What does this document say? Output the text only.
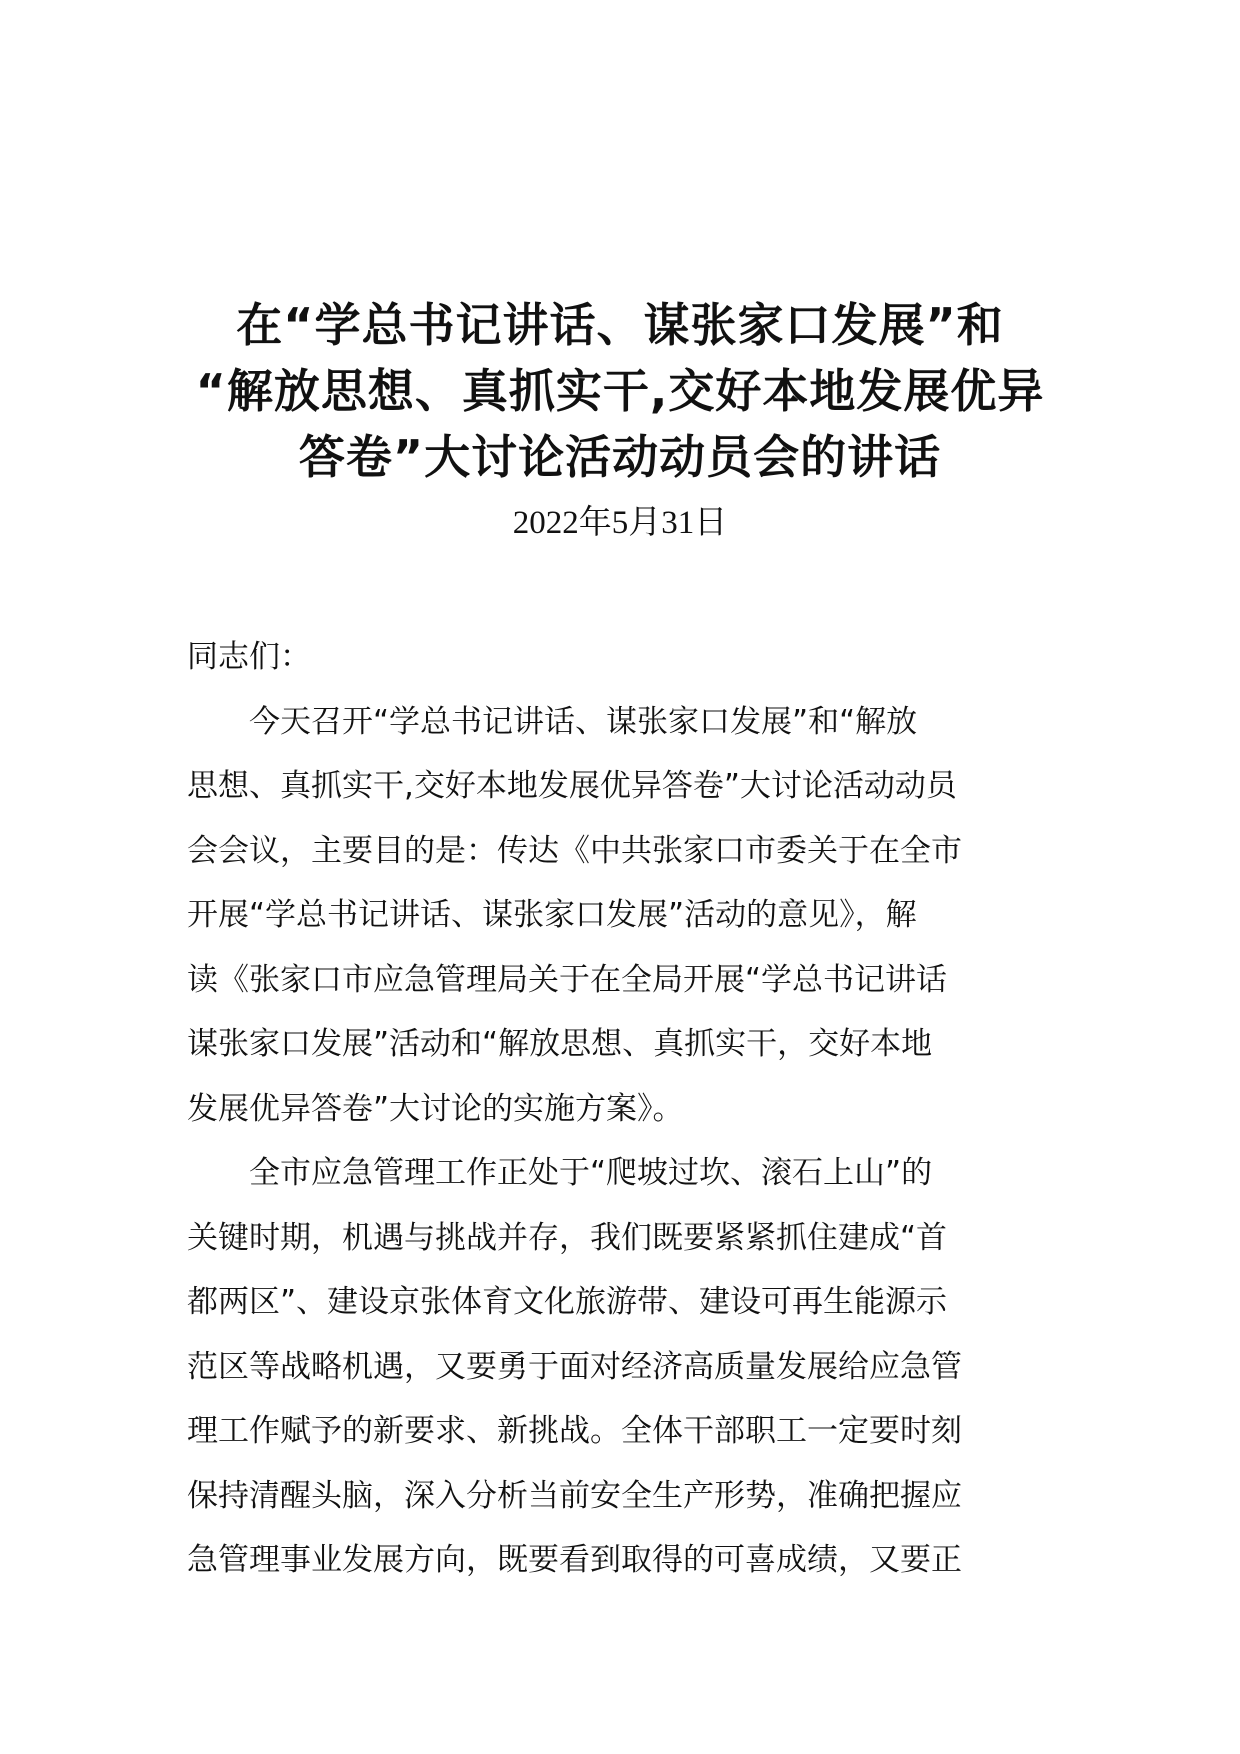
在“学总书记讲话、谋张家口发展”和
“解放思想、真抓实干,交好本地发展优异
答卷”大讨论活动动员会的讲话
2022年5月31日
同志们：
今天召开“学总书记讲话、谋张家口发展”和“解放
思想、真抓实干,交好本地发展优异答卷”大讨论活动动员
会会议，主要目的是：传达《中共张家口市委关于在全市
开展“学总书记讲话、谋张家口发展”活动的意见》，解
读《张家口市应急管理局关于在全局开展“学总书记讲话
谋张家口发展”活动和“解放思想、真抓实干，交好本地
发展优异答卷”大讨论的实施方案》。
全市应急管理工作正处于“爬坡过坎、滚石上山”的
关键时期，机遇与挑战并存，我们既要紧紧抓住建成“首
都两区”、建设京张体育文化旅游带、建设可再生能源示
范区等战略机遇，又要勇于面对经济高质量发展给应急管
理工作赋予的新要求、新挑战。全体干部职工一定要时刻
保持清醒头脑，深入分析当前安全生产形势，准确把握应
急管理事业发展方向，既要看到取得的可喜成绩，又要正
